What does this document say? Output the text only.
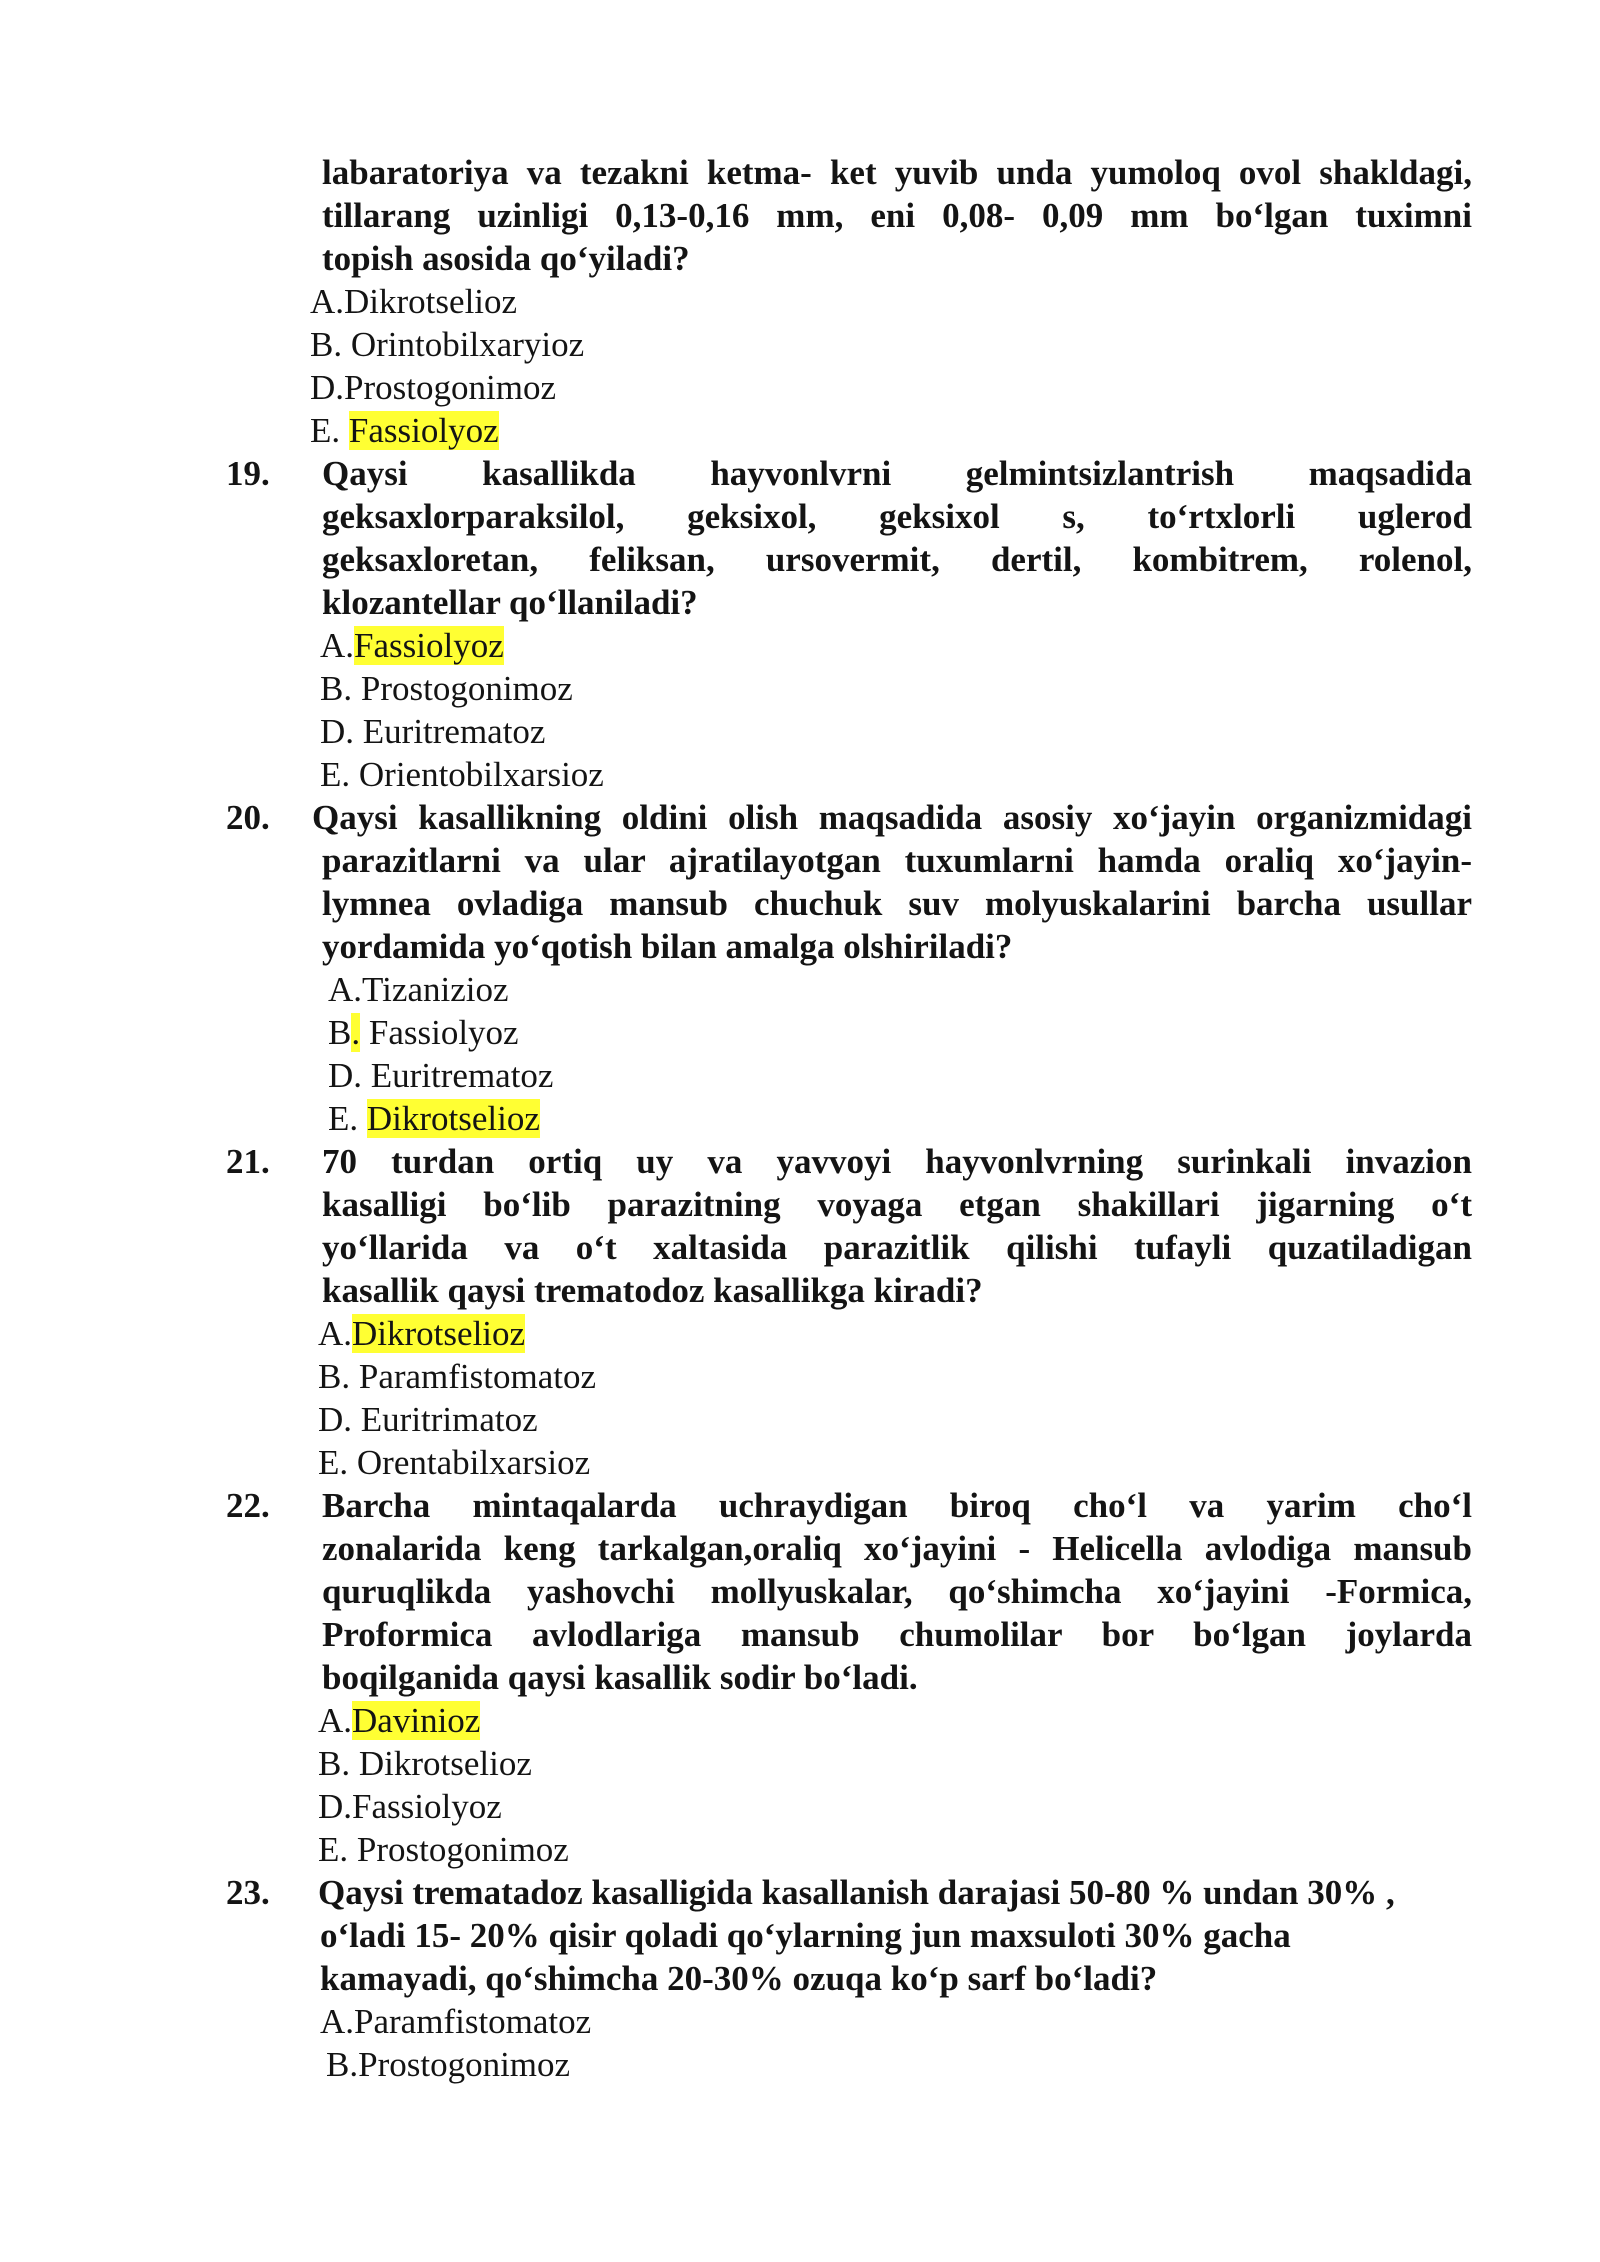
labaratoriya va tezakni ketma- ket yuvib unda yumoloq ovol shakldagi,
tillarang uzinligi 0,13-0,16 mm, eni 0,08- 0,09 mm bo‘lgan tuximni
topish asosida qo‘yiladi?
A.Dikrotselioz
B. Orintobilxaryioz
D.Prostogonimoz
E. Fassiolyoz
19. Qaysi kasallikda hayvonlvrni gelmintsizlantrish maqsadida
geksaxlorparaksilol, geksixol, geksixol s, to‘rtxlorli uglerod
geksaxloretan, feliksan, ursovermit, dertil, kombitrem, rolenol,
klozantellar qo‘llaniladi?
A.Fassiolyoz
B. Prostogonimoz
D. Euritrematoz
E. Orientobilxarsioz
20. Qaysi kasallikning oldini olish maqsadida asosiy xo‘jayin organizmidagi
parazitlarni va ular ajratilayotgan tuxumlarni hamda oraliq xo‘jayin-
lymnea ovladiga mansub chuchuk suv molyuskalarini barcha usullar
yordamida yo‘qotish bilan amalga olshiriladi?
A.Tizanizioz
B. Fassiolyoz
D. Euritrematoz
E. Dikrotselioz
21. 70 turdan ortiq uy va yavvoyi hayvonlvrning surinkali invazion
kasalligi bo‘lib parazitning voyaga etgan shakillari jigarning o‘t
yo‘llarida va o‘t xaltasida parazitlik qilishi tufayli quzatiladigan
kasallik qaysi trematodoz kasallikga kiradi?
A.Dikrotselioz
B. Paramfistomatoz
D. Euritrimatoz
E. Orentabilxarsioz
22. Barcha mintaqalarda uchraydigan biroq cho‘l va yarim cho‘l
zonalarida keng tarkalgan,oraliq xo‘jayini - Helicella avlodiga mansub
quruqlikda yashovchi mollyuskalar, qo‘shimcha xo‘jayini -Formica,
Proformica avlodlariga mansub chumolilar bor bo‘lgan joylarda
boqilganida qaysi kasallik sodir bo‘ladi.
A.Davinioz
B. Dikrotselioz
D.Fassiolyoz
E. Prostogonimoz
23. Qaysi trematadoz kasalligida kasallanish darajasi 50-80 % undan 30% ,
o‘ladi 15- 20% qisir qoladi qo‘ylarning jun maxsuloti 30% gacha
kamayadi, qo‘shimcha 20-30% ozuqa ko‘p sarf bo‘ladi?
A.Paramfistomatoz
B.Prostogonimoz
